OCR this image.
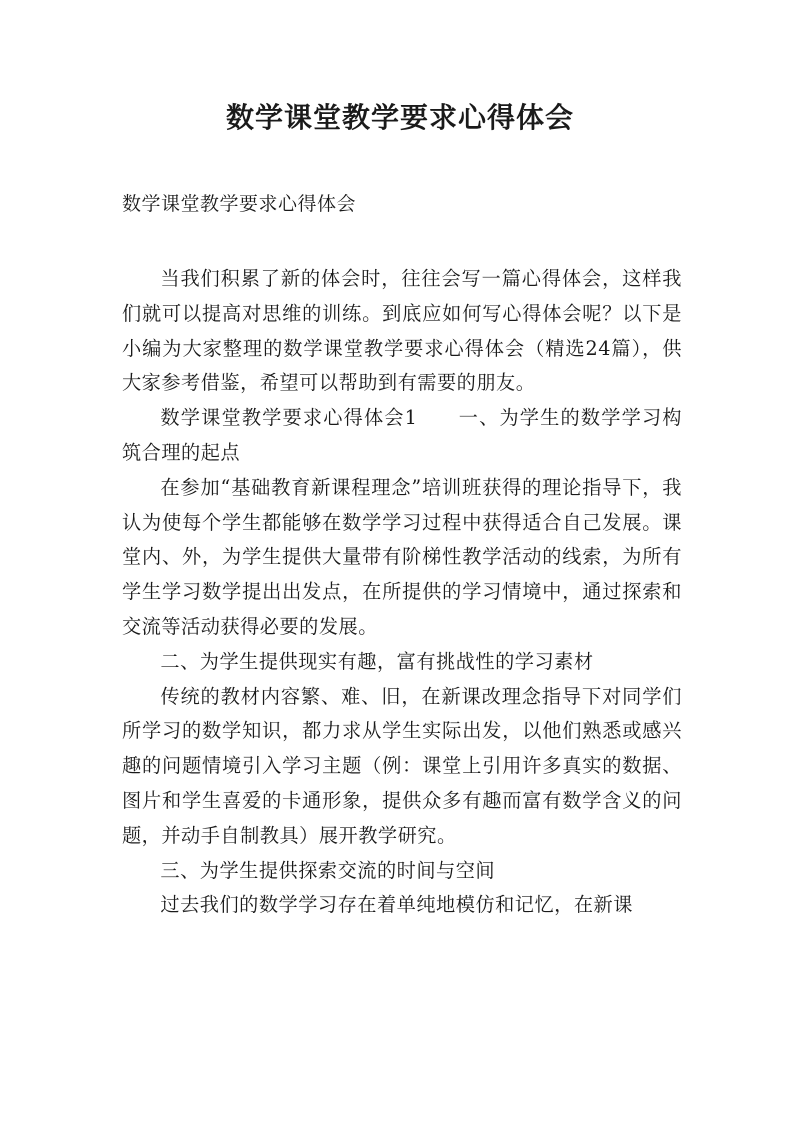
数学课堂教学要求心得体会
数学课堂教学要求心得体会

当我们积累了新的体会时，往往会写一篇心得体会，这样我们就可以提高对思维的训练。到底应如何写心得体会呢？以下是小编为大家整理的数学课堂教学要求心得体会（精选24篇），供大家参考借鉴，希望可以帮助到有需要的朋友。

数学课堂教学要求心得体会1　　一、为学生的数学学习构筑合理的起点

在参加“基础教育新课程理念”培训班获得的理论指导下，我认为使每个学生都能够在数学学习过程中获得适合自己发展。课堂内、外，为学生提供大量带有阶梯性教学活动的线索，为所有学生学习数学提出出发点，在所提供的学习情境中，通过探索和交流等活动获得必要的发展。

二、为学生提供现实有趣，富有挑战性的学习素材

传统的教材内容繁、难、旧，在新课改理念指导下对同学们所学习的数学知识，都力求从学生实际出发，以他们熟悉或感兴趣的问题情境引入学习主题（例：课堂上引用许多真实的数据、图片和学生喜爱的卡通形象，提供众多有趣而富有数学含义的问题，并动手自制教具）展开教学研究。

三、为学生提供探索交流的时间与空间

过去我们的数学学习存在着单纯地模仿和记忆，在新课
